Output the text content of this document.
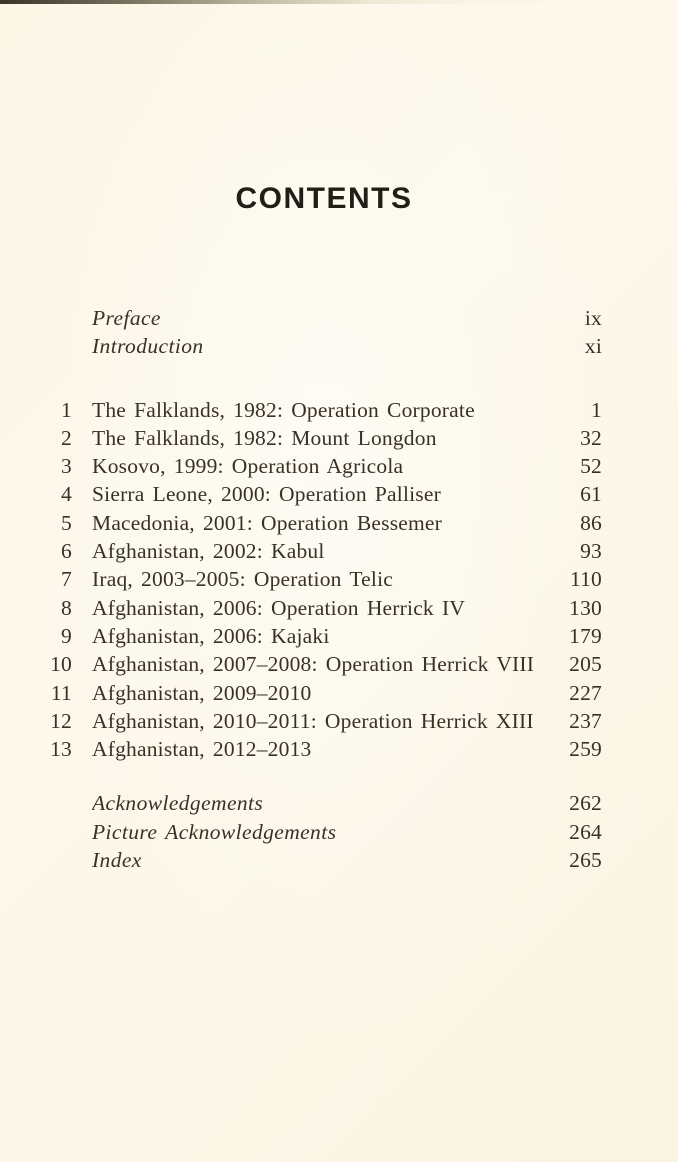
CONTENTS
Preface	ix
Introduction	xi
1 The Falklands, 1982: Operation Corporate	1
2 The Falklands, 1982: Mount Longdon	32
3 Kosovo, 1999: Operation Agricola	52
4 Sierra Leone, 2000: Operation Palliser	61
5 Macedonia, 2001: Operation Bessemer	86
6 Afghanistan, 2002: Kabul	93
7 Iraq, 2003–2005: Operation Telic	110
8 Afghanistan, 2006: Operation Herrick IV	130
9 Afghanistan, 2006: Kajaki	179
10 Afghanistan, 2007–2008: Operation Herrick VIII	205
11 Afghanistan, 2009–2010	227
12 Afghanistan, 2010–2011: Operation Herrick XIII	237
13 Afghanistan, 2012–2013	259
Acknowledgements	262
Picture Acknowledgements	264
Index	265
